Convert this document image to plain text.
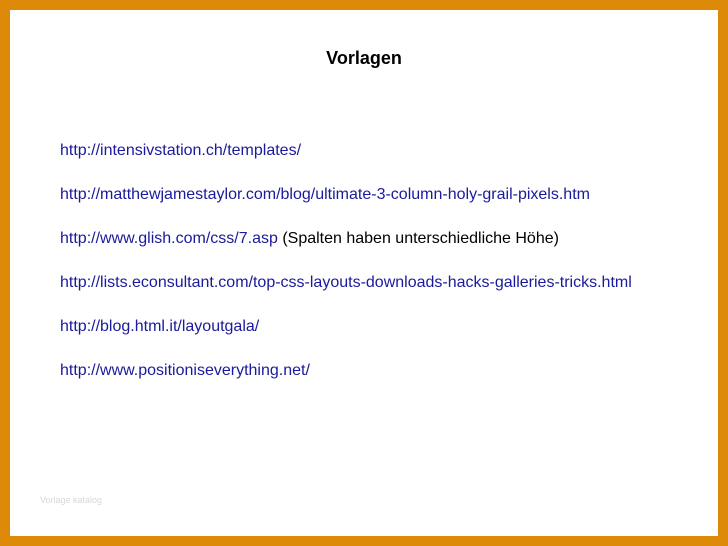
Vorlagen
http://intensivstation.ch/templates/
http://matthewjamestaylor.com/blog/ultimate-3-column-holy-grail-pixels.htm
http://www.glish.com/css/7.asp (Spalten haben unterschiedliche Höhe)
http://lists.econsultant.com/top-css-layouts-downloads-hacks-galleries-tricks.html
http://blog.html.it/layoutgala/
http://www.positioniseverything.net/
Vorlage katalog
